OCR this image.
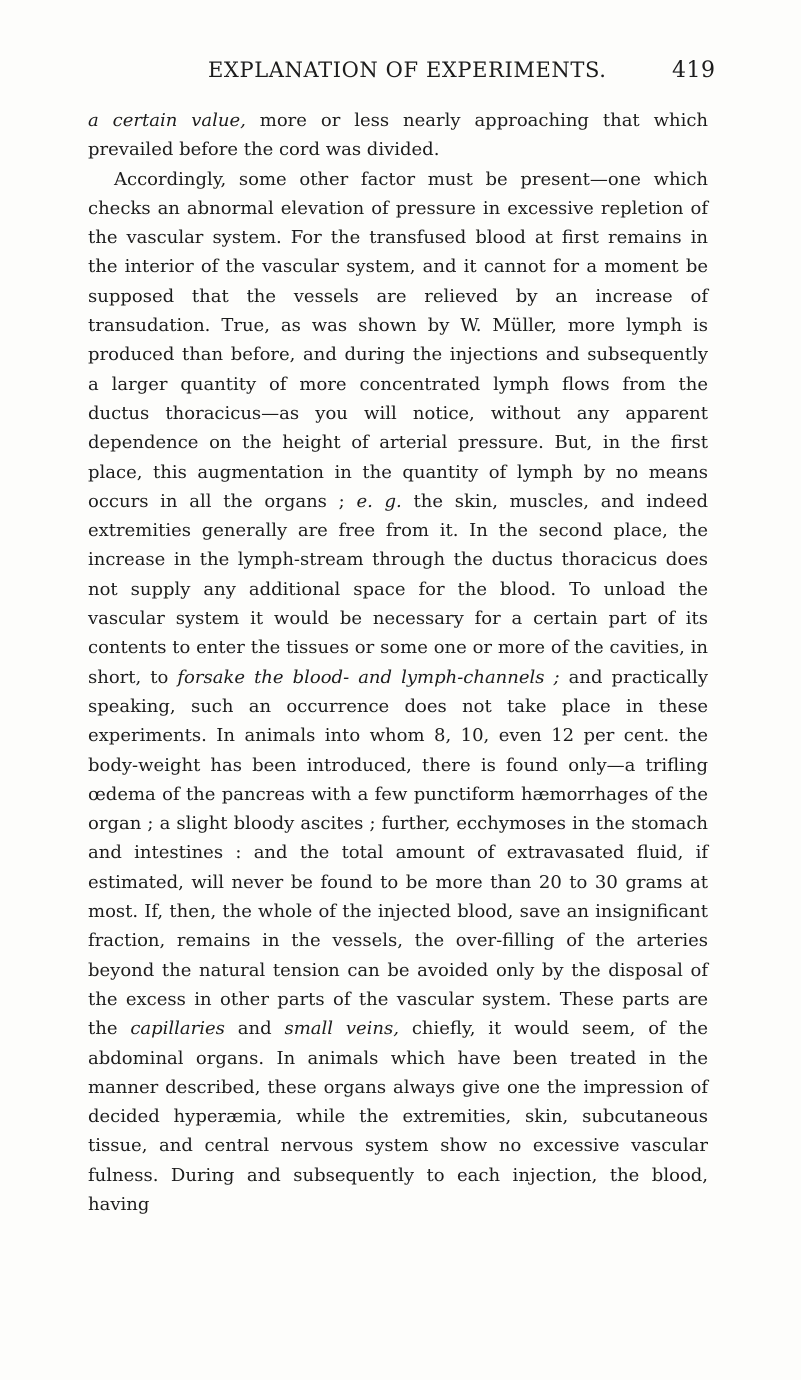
EXPLANATION OF EXPERIMENTS.	419

a certain value, more or less nearly approaching that which prevailed before the cord was divided.

Accordingly, some other factor must be present—one which checks an abnormal elevation of pressure in excessive repletion of the vascular system. For the transfused blood at first remains in the interior of the vascular system, and it cannot for a moment be supposed that the vessels are relieved by an increase of transudation. True, as was shown by W. Müller, more lymph is produced than before, and during the injections and subsequently a larger quantity of more concentrated lymph flows from the ductus thoracicus—as you will notice, without any apparent dependence on the height of arterial pressure. But, in the first place, this augmentation in the quantity of lymph by no means occurs in all the organs ; e. g. the skin, muscles, and indeed extremities generally are free from it. In the second place, the increase in the lymph-stream through the ductus thoracicus does not supply any additional space for the blood. To unload the vascular system it would be necessary for a certain part of its contents to enter the tissues or some one or more of the cavities, in short, to forsake the blood- and lymph-channels ; and practically speaking, such an occurrence does not take place in these experiments. In animals into whom 8, 10, even 12 per cent. the body-weight has been introduced, there is found only—a trifling œdema of the pancreas with a few punctiform hæmorrhages of the organ ; a slight bloody ascites ; further, ecchymoses in the stomach and intestines : and the total amount of extravasated fluid, if estimated, will never be found to be more than 20 to 30 grams at most. If, then, the whole of the injected blood, save an insignificant fraction, remains in the vessels, the over-filling of the arteries beyond the natural tension can be avoided only by the disposal of the excess in other parts of the vascular system. These parts are the capillaries and small veins, chiefly, it would seem, of the abdominal organs. In animals which have been treated in the manner described, these organs always give one the impression of decided hyperæmia, while the extremities, skin, subcutaneous tissue, and central nervous system show no excessive vascular fulness. During and subsequently to each injection, the blood, having
